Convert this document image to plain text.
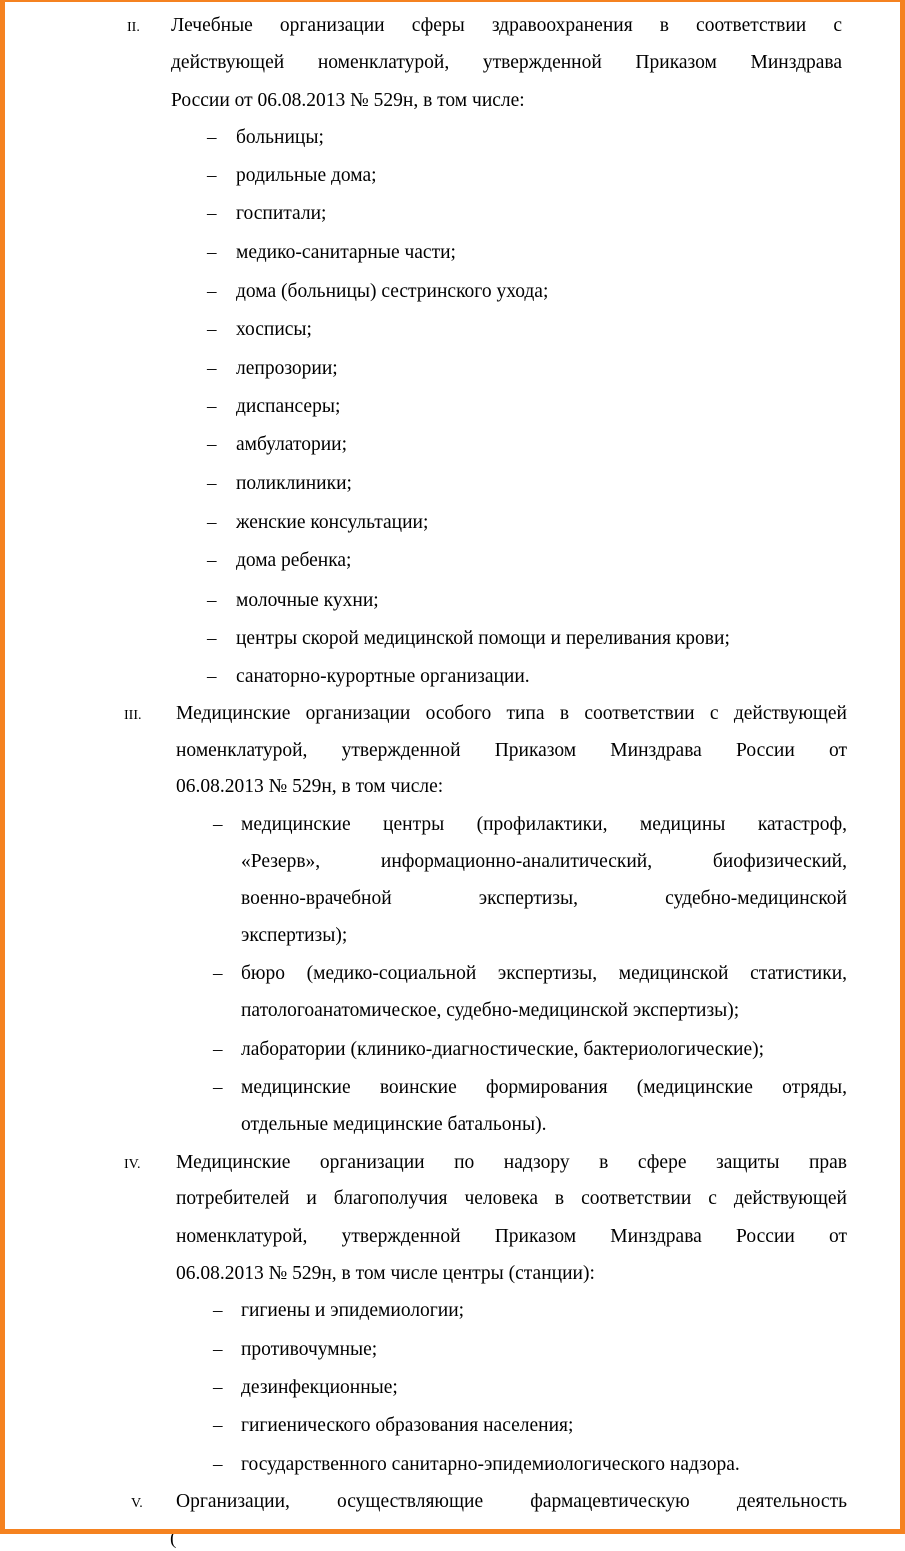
II. Лечебные организации сферы здравоохранения в соответствии с
действующей номенклатурой, утвержденной Приказом Минздрава
России от 06.08.2013 № 529н, в том числе:
– больницы;
– родильные дома;
– госпитали;
– медико-санитарные части;
– дома (больницы) сестринского ухода;
– хосписы;
– лепрозории;
– диспансеры;
– амбулатории;
– поликлиники;
– женские консультации;
– дома ребенка;
– молочные кухни;
– центры скорой медицинской помощи и переливания крови;
– санаторно-курортные организации.
III. Медицинские организации особого типа в соответствии с действующей
номенклатурой, утвержденной Приказом Минздрава России от
06.08.2013 № 529н, в том числе:
– медицинские центры (профилактики, медицины катастроф,
«Резерв», информационно-аналитический, биофизический,
военно-врачебной экспертизы, судебно-медицинской
экспертизы);
– бюро (медико-социальной экспертизы, медицинской статистики,
патологоанатомическое, судебно-медицинской экспертизы);
– лаборатории (клинико-диагностические, бактериологические);
– медицинские воинские формирования (медицинские отряды,
отдельные медицинские батальоны).
IV. Медицинские организации по надзору в сфере защиты прав
потребителей и благополучия человека в соответствии с действующей
номенклатурой, утвержденной Приказом Минздрава России от
06.08.2013 № 529н, в том числе центры (станции):
– гигиены и эпидемиологии;
– противочумные;
– дезинфекционные;
– гигиенического образования населения;
– государственного санитарно-эпидемиологического надзора.
V. Организации, осуществляющие фармацевтическую деятельность
(
